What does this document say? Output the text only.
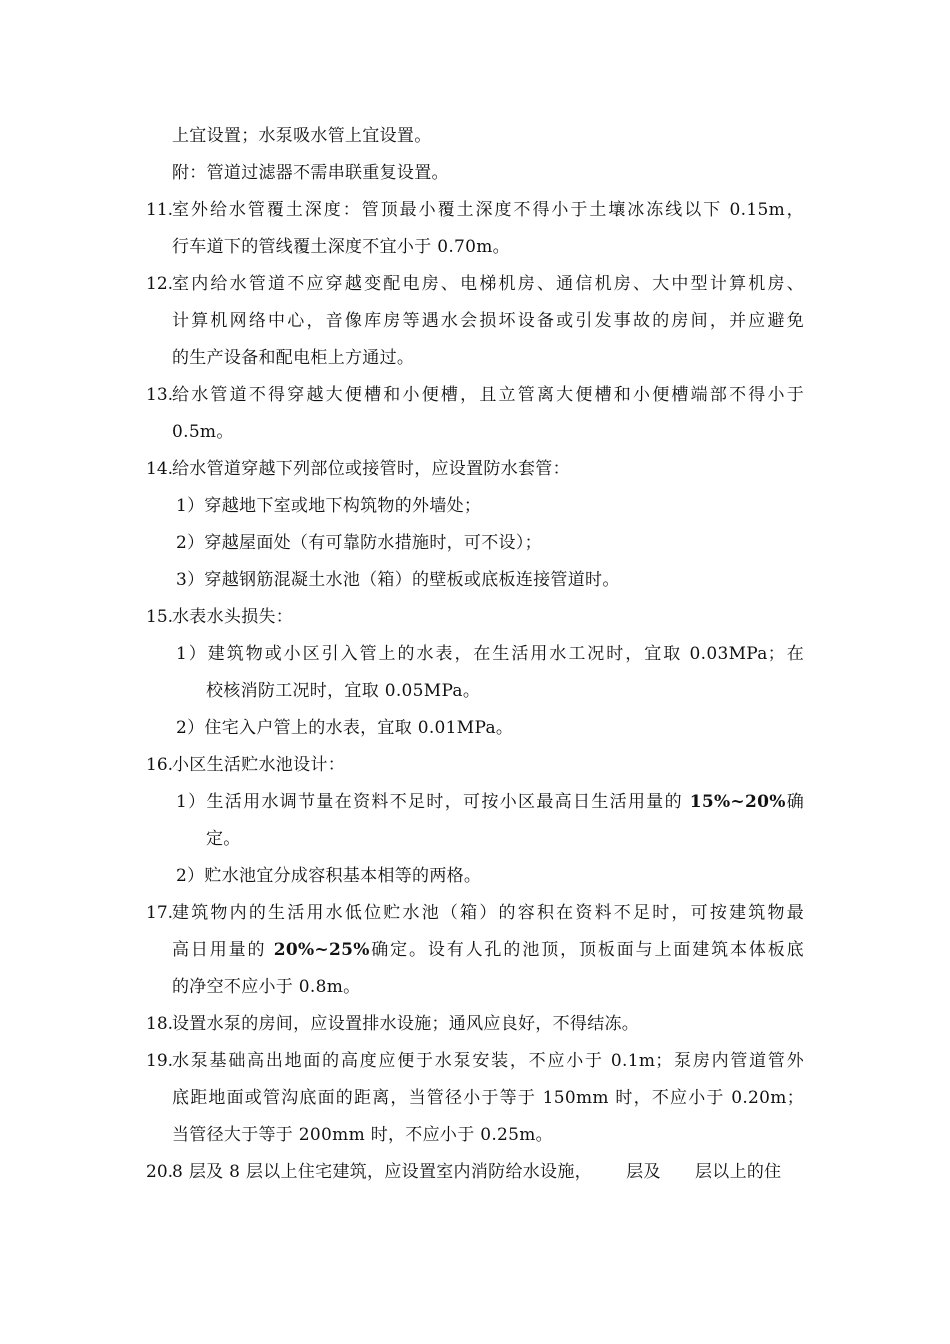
上宜设置；水泵吸水管上宜设置。
附：管道过滤器不需串联重复设置。
11.
室外给水管覆土深度：管顶最小覆土深度不得小于土壤冰冻线以下 0.15m，
行车道下的管线覆土深度不宜小于 0.70m。
12.
室内给水管道不应穿越变配电房、电梯机房、通信机房、大中型计算机房、
计算机网络中心，音像库房等遇水会损坏设备或引发事故的房间，并应避免
的生产设备和配电柜上方通过。
13.
给水管道不得穿越大便槽和小便槽，且立管离大便槽和小便槽端部不得小于
0.5m。
14.
给水管道穿越下列部位或接管时，应设置防水套管：
1）穿越地下室或地下构筑物的外墙处；
2）穿越屋面处（有可靠防水措施时，可不设）；
3）穿越钢筋混凝土水池（箱）的壁板或底板连接管道时。
15.
水表水头损失：
1）建筑物或小区引入管上的水表，在生活用水工况时，宜取 0.03MPa；在
校核消防工况时，宜取 0.05MPa。
2）住宅入户管上的水表，宜取 0.01MPa。
16.
小区生活贮水池设计：
1）生活用水调节量在资料不足时，可按小区最高日生活用量的 15%~20%确
定。
2）贮水池宜分成容积基本相等的两格。
17.
建筑物内的生活用水低位贮水池（箱）的容积在资料不足时，可按建筑物最
高日用量的 20%~25%确定。设有人孔的池顶，顶板面与上面建筑本体板底
的净空不应小于 0.8m。
18.
设置水泵的房间，应设置排水设施；通风应良好，不得结冻。
19.
水泵基础高出地面的高度应便于水泵安装，不应小于 0.1m；泵房内管道管外
底距地面或管沟底面的距离，当管径小于等于 150mm 时，不应小于 0.20m；
当管径大于等于 200mm 时，不应小于 0.25m。
20.
8 层及 8 层以上住宅建筑，应设置室内消防给水设施，      层及      层以上的住
